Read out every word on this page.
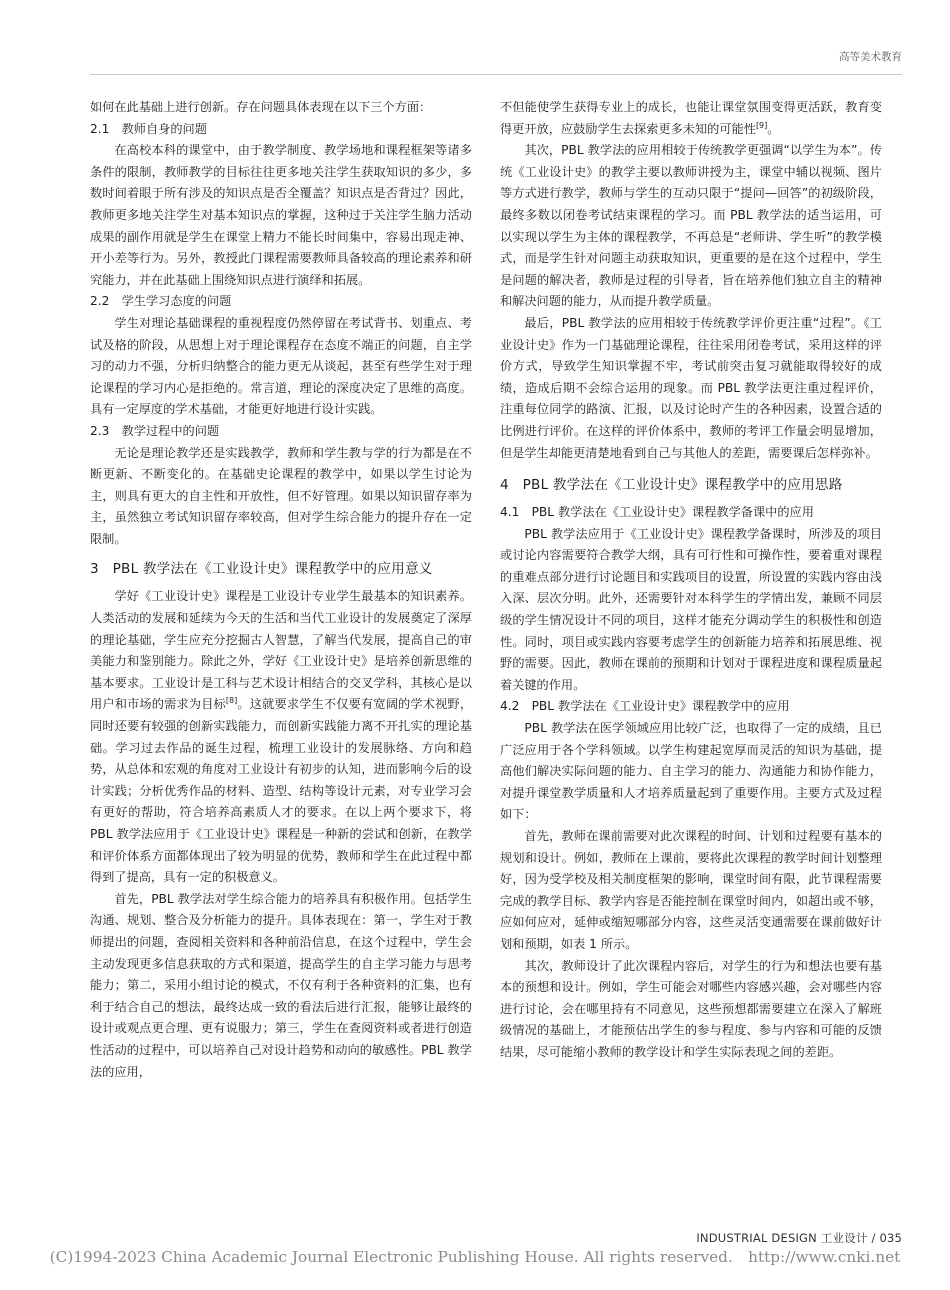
高等美术教育

如何在此基础上进行创新。存在问题具体表现在以下三个方面：

2.1　教师自身的问题

在高校本科的课堂中，由于教学制度、教学场地和课程框架等诸多条件的限制，教师教学的目标往往更多地关注学生获取知识的多少，多数时间着眼于所有涉及的知识点是否全覆盖？知识点是否背过？因此，教师更多地关注学生对基本知识点的掌握，这种过于关注学生脑力活动成果的副作用就是学生在课堂上精力不能长时间集中，容易出现走神、开小差等行为。另外，教授此门课程需要教师具备较高的理论素养和研究能力，并在此基础上围绕知识点进行演绎和拓展。

2.2　学生学习态度的问题

学生对理论基础课程的重视程度仍然停留在考试背书、划重点、考试及格的阶段，从思想上对于理论课程存在态度不端正的问题，自主学习的动力不强，分析归纳整合的能力更无从谈起，甚至有些学生对于理论课程的学习内心是拒绝的。常言道，理论的深度决定了思维的高度。具有一定厚度的学术基础，才能更好地进行设计实践。

2.3　教学过程中的问题

无论是理论教学还是实践教学，教师和学生教与学的行为都是在不断更新、不断变化的。在基础史论课程的教学中，如果以学生讨论为主，则具有更大的自主性和开放性，但不好管理。如果以知识留存率为主，虽然独立考试知识留存率较高，但对学生综合能力的提升存在一定限制。

3　PBL 教学法在《工业设计史》课程教学中的应用意义

学好《工业设计史》课程是工业设计专业学生最基本的知识素养。人类活动的发展和延续为今天的生活和当代工业设计的发展奠定了深厚的理论基础，学生应充分挖掘古人智慧，了解当代发展，提高自己的审美能力和鉴别能力。除此之外，学好《工业设计史》是培养创新思维的基本要求。工业设计是工科与艺术设计相结合的交叉学科，其核心是以用户和市场的需求为目标[8]。这就要求学生不仅要有宽阔的学术视野，同时还要有较强的创新实践能力，而创新实践能力离不开扎实的理论基础。学习过去作品的诞生过程，梳理工业设计的发展脉络、方向和趋势，从总体和宏观的角度对工业设计有初步的认知，进而影响今后的设计实践；分析优秀作品的材料、造型、结构等设计元素，对专业学习会有更好的帮助，符合培养高素质人才的要求。在以上两个要求下，将 PBL 教学法应用于《工业设计史》课程是一种新的尝试和创新，在教学和评价体系方面都体现出了较为明显的优势，教师和学生在此过程中都得到了提高，具有一定的积极意义。

首先，PBL 教学法对学生综合能力的培养具有积极作用。包括学生沟通、规划、整合及分析能力的提升。具体表现在：第一，学生对于教师提出的问题，查阅相关资料和各种前沿信息，在这个过程中，学生会主动发现更多信息获取的方式和渠道，提高学生的自主学习能力与思考能力；第二，采用小组讨论的模式，不仅有利于各种资料的汇集，也有利于结合自己的想法，最终达成一致的看法后进行汇报，能够让最终的设计或观点更合理、更有说服力；第三，学生在查阅资料或者进行创造性活动的过程中，可以培养自己对设计趋势和动向的敏感性。PBL 教学法的应用，

不但能使学生获得专业上的成长，也能让课堂氛围变得更活跃，教育变得更开放，应鼓励学生去探索更多未知的可能性[9]。

其次，PBL 教学法的应用相较于传统教学更强调“以学生为本”。传统《工业设计史》的教学主要以教师讲授为主，课堂中辅以视频、图片等方式进行教学，教师与学生的互动只限于“提问—回答”的初级阶段，最终多数以闭卷考试结束课程的学习。而 PBL 教学法的适当运用，可以实现以学生为主体的课程教学，不再总是“老师讲、学生听”的教学模式，而是学生针对问题主动获取知识，更重要的是在这个过程中，学生是问题的解决者，教师是过程的引导者，旨在培养他们独立自主的精神和解决问题的能力，从而提升教学质量。

最后，PBL 教学法的应用相较于传统教学评价更注重“过程”。《工业设计史》作为一门基础理论课程，往往采用闭卷考试，采用这样的评价方式，导致学生知识掌握不牢，考试前突击复习就能取得较好的成绩，造成后期不会综合运用的现象。而 PBL 教学法更注重过程评价，注重每位同学的路演、汇报，以及讨论时产生的各种因素，设置合适的比例进行评价。在这样的评价体系中，教师的考评工作量会明显增加，但是学生却能更清楚地看到自己与其他人的差距，需要课后怎样弥补。

4　PBL 教学法在《工业设计史》课程教学中的应用思路
4.1　PBL 教学法在《工业设计史》课程教学备课中的应用

PBL 教学法应用于《工业设计史》课程教学备课时，所涉及的项目或讨论内容需要符合教学大纲，具有可行性和可操作性，要着重对课程的重难点部分进行讨论题目和实践项目的设置，所设置的实践内容由浅入深、层次分明。此外，还需要针对本科学生的学情出发，兼顾不同层级的学生情况设计不同的项目，这样才能充分调动学生的积极性和创造性。同时，项目或实践内容要考虑学生的创新能力培养和拓展思维、视野的需要。因此，教师在课前的预期和计划对于课程进度和课程质量起着关键的作用。

4.2　PBL 教学法在《工业设计史》课程教学中的应用

PBL 教学法在医学领域应用比较广泛，也取得了一定的成绩，且已广泛应用于各个学科领域。以学生构建起宽厚而灵活的知识为基础，提高他们解决实际问题的能力、自主学习的能力、沟通能力和协作能力，对提升课堂教学质量和人才培养质量起到了重要作用。主要方式及过程如下：

首先，教师在课前需要对此次课程的时间、计划和过程要有基本的规划和设计。例如，教师在上课前，要将此次课程的教学时间计划整理好，因为受学校及相关制度框架的影响，课堂时间有限，此节课程需要完成的教学目标、教学内容是否能控制在课堂时间内，如超出或不够，应如何应对，延伸或缩短哪部分内容，这些灵活变通需要在课前做好计划和预期，如表 1 所示。

其次，教师设计了此次课程内容后，对学生的行为和想法也要有基本的预想和设计。例如，学生可能会对哪些内容感兴趣，会对哪些内容进行讨论，会在哪里持有不同意见，这些预想都需要建立在深入了解班级情况的基础上，才能预估出学生的参与程度、参与内容和可能的反馈结果，尽可能缩小教师的教学设计和学生实际表现之间的差距。

INDUSTRIAL DESIGN 工业设计 / 035
(C)1994-2023 China Academic Journal Electronic Publishing House. All rights reserved.　http://www.cnki.net
